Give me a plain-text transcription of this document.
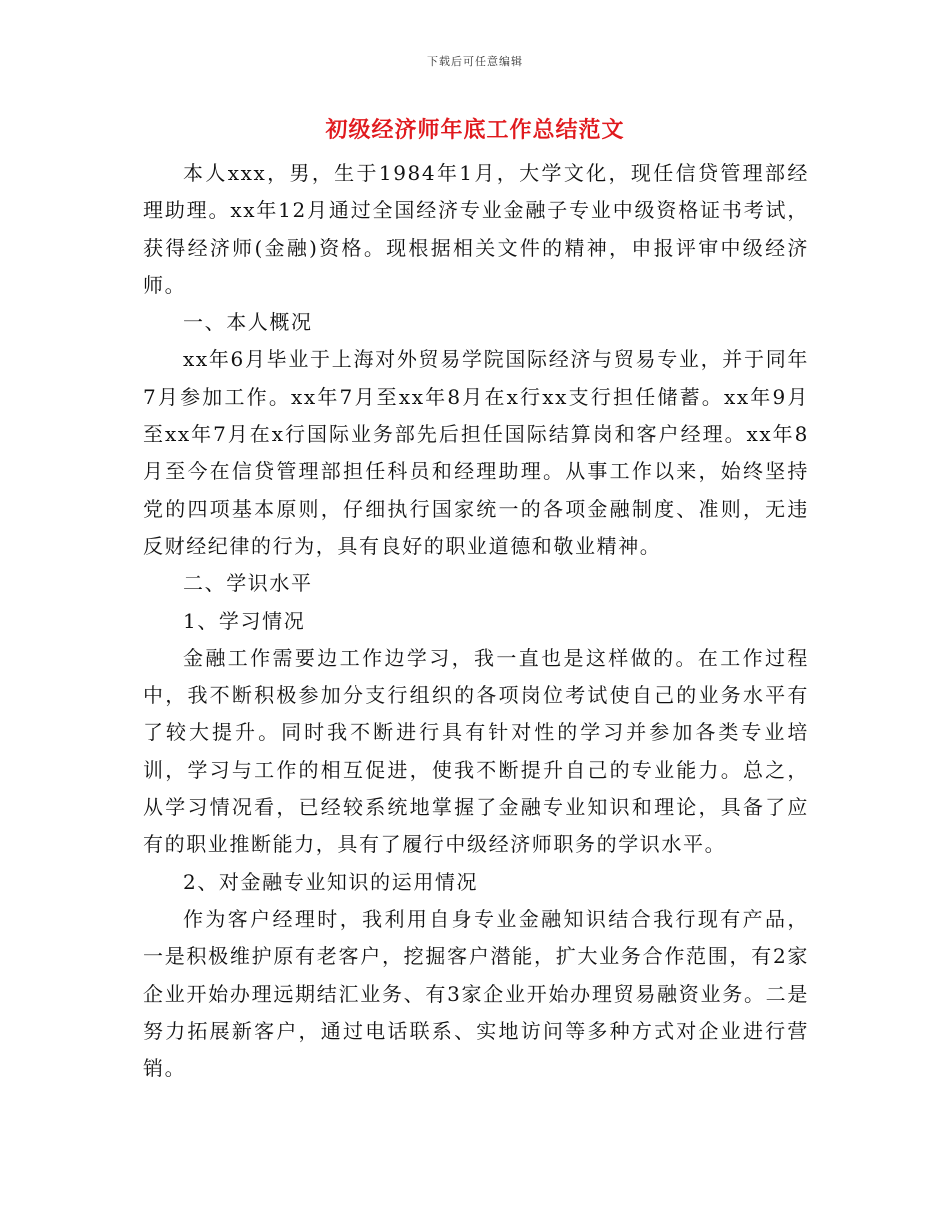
下载后可任意编辑
初级经济师年底工作总结范文

本人xxx，男，生于1984年1月，大学文化，现任信贷管理部经理助理。xx年12月通过全国经济专业金融子专业中级资格证书考试，获得经济师(金融)资格。现根据相关文件的精神，申报评审中级经济师。

一、本人概况

xx年6月毕业于上海对外贸易学院国际经济与贸易专业，并于同年7月参加工作。xx年7月至xx年8月在x行xx支行担任储蓄。xx年9月至xx年7月在x行国际业务部先后担任国际结算岗和客户经理。xx年8月至今在信贷管理部担任科员和经理助理。从事工作以来，始终坚持党的四项基本原则，仔细执行国家统一的各项金融制度、准则，无违反财经纪律的行为，具有良好的职业道德和敬业精神。

二、学识水平

1、学习情况

金融工作需要边工作边学习，我一直也是这样做的。在工作过程中，我不断积极参加分支行组织的各项岗位考试使自己的业务水平有了较大提升。同时我不断进行具有针对性的学习并参加各类专业培训，学习与工作的相互促进，使我不断提升自己的专业能力。总之，从学习情况看，已经较系统地掌握了金融专业知识和理论，具备了应有的职业推断能力，具有了履行中级经济师职务的学识水平。

2、对金融专业知识的运用情况

作为客户经理时，我利用自身专业金融知识结合我行现有产品，一是积极维护原有老客户，挖掘客户潜能，扩大业务合作范围，有2家企业开始办理远期结汇业务、有3家企业开始办理贸易融资业务。二是努力拓展新客户，通过电话联系、实地访问等多种方式对企业进行营销。
